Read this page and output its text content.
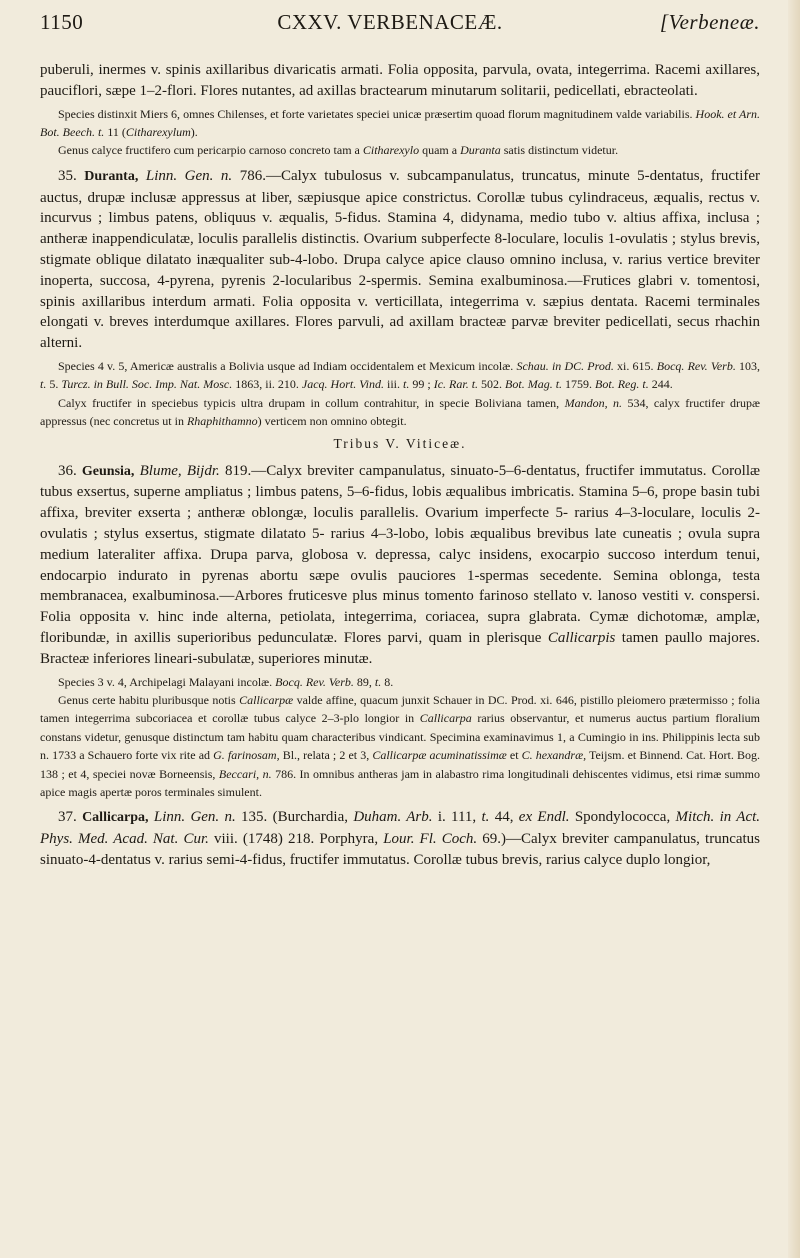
1150	CXXV. VERBENACEÆ.	[Verbeneæ.

puberuli, inermes v. spinis axillaribus divaricatis armati. Folia opposita, parvula, ovata, integerrima. Racemi axillares, pauciflori, sæpe 1–2-flori. Flores nutantes, ad axillas bractearum minutarum solitarii, pedicellati, ebracteolati.

Species distinxit Miers 6, omnes Chilenses, et forte varietates speciei unicæ præsertim quoad florum magnitudinem valde variabilis. Hook. et Arn. Bot. Beech. t. 11 (Citharexylum).

Genus calyce fructifero cum pericarpio carnoso concreto tam a Citharexylo quam a Duranta satis distinctum videtur.

35. Duranta, Linn. Gen. n. 786.—Calyx tubulosus v. subcampanulatus, truncatus, minute 5-dentatus, fructifer auctus, drupæ inclusæ appressus at liber, sæpiusque apice constrictus. Corollæ tubus cylindraceus, æqualis, rectus v. incurvus ; limbus patens, obliquus v. æqualis, 5-fidus. Stamina 4, didynama, medio tubo v. altius affixa, inclusa ; antheræ inappendiculatæ, loculis parallelis distinctis. Ovarium subperfecte 8-loculare, loculis 1-ovulatis ; stylus brevis, stigmate oblique dilatato inæqualiter sub-4-lobo. Drupa calyce apice clauso omnino inclusa, v. rarius vertice breviter inoperta, succosa, 4-pyrena, pyrenis 2-locularibus 2-spermis. Semina exalbuminosa.—Frutices glabri v. tomentosi, spinis axillaribus interdum armati. Folia opposita v. verticillata, integerrima v. sæpius dentata. Racemi terminales elongati v. breves interdumque axillares. Flores parvuli, ad axillam bracteæ parvæ breviter pedicellati, secus rhachin alterni.

Species 4 v. 5, Americæ australis a Bolivia usque ad Indiam occidentalem et Mexicum incolæ. Schau. in DC. Prod. xi. 615. Bocq. Rev. Verb. 103, t. 5. Turcz. in Bull. Soc. Imp. Nat. Mosc. 1863, ii. 210. Jacq. Hort. Vind. iii. t. 99 ; Ic. Rar. t. 502. Bot. Mag. t. 1759. Bot. Reg. t. 244.

Calyx fructifer in speciebus typicis ultra drupam in collum contrahitur, in specie Boliviana tamen, Mandon, n. 534, calyx fructifer drupæ appressus (nec concretus ut in Rhaphithamno) verticem non omnino obtegit.

Tribus V. Viticeæ.

36. Geunsia, Blume, Bijdr. 819.—Calyx breviter campanulatus, sinuato-5–6-dentatus, fructifer immutatus. Corollæ tubus exsertus, superne ampliatus ; limbus patens, 5–6-fidus, lobis æqualibus imbricatis. Stamina 5–6, prope basin tubi affixa, breviter exserta ; antheræ oblongæ, loculis parallelis. Ovarium imperfecte 5- rarius 4–3-loculare, loculis 2-ovulatis ; stylus exsertus, stigmate dilatato 5- rarius 4–3-lobo, lobis æqualibus brevibus late cuneatis ; ovula supra medium lateraliter affixa. Drupa parva, globosa v. depressa, calyc insidens, exocarpio succoso interdum tenui, endocarpio indurato in pyrenas abortu sæpe ovulis pauciores 1-spermas secedente. Semina oblonga, testa membranacea, exalbuminosa.—Arbores fruticesve plus minus tomento farinoso stellato v. lanoso vestiti v. conspersi. Folia opposita v. hinc inde alterna, petiolata, integerrima, coriacea, supra glabrata. Cymæ dichotomæ, amplæ, floribundæ, in axillis superioribus pedunculatæ. Flores parvi, quam in plerisque Callicarpis tamen paullo majores. Bracteæ inferiores lineari-subulatæ, superiores minutæ.

Species 3 v. 4, Archipelagi Malayani incolæ. Bocq. Rev. Verb. 89, t. 8.

Genus certe habitu pluribusque notis Callicarpæ valde affine, quacum junxit Schauer in DC. Prod. xi. 646, pistillo pleiomero prætermisso ; folia tamen integerrima subcoriacea et corollæ tubus calyce 2–3-plo longior in Callicarpa rarius observantur, et numerus auctus partium floralium constans videtur, genusque distinctum tam habitu quam characteribus vindicant. Specimina examinavimus 1, a Cumingio in ins. Philippinis lecta sub n. 1733 a Schauero forte vix rite ad G. farinosam, Bl., relata ; 2 et 3, Callicarpæ acuminatissimæ et C. hexandræ, Teijsm. et Binnend. Cat. Hort. Bog. 138 ; et 4, speciei novæ Borneensis, Beccari, n. 786. In omnibus antheras jam in alabastro rima longitudinali dehiscentes vidimus, etsi rimæ summo apice magis apertæ poros terminales simulent.

37. Callicarpa, Linn. Gen. n. 135. (Burchardia, Duham. Arb. i. 111, t. 44, ex Endl. Spondylococca, Mitch. in Act. Phys. Med. Acad. Nat. Cur. viii. (1748) 218. Porphyra, Lour. Fl. Coch. 69.)—Calyx breviter campanulatus, truncatus sinuato-4-dentatus v. rarius semi-4-fidus, fructifer immutatus. Corollæ tubus brevis, rarius calyce duplo longior,
